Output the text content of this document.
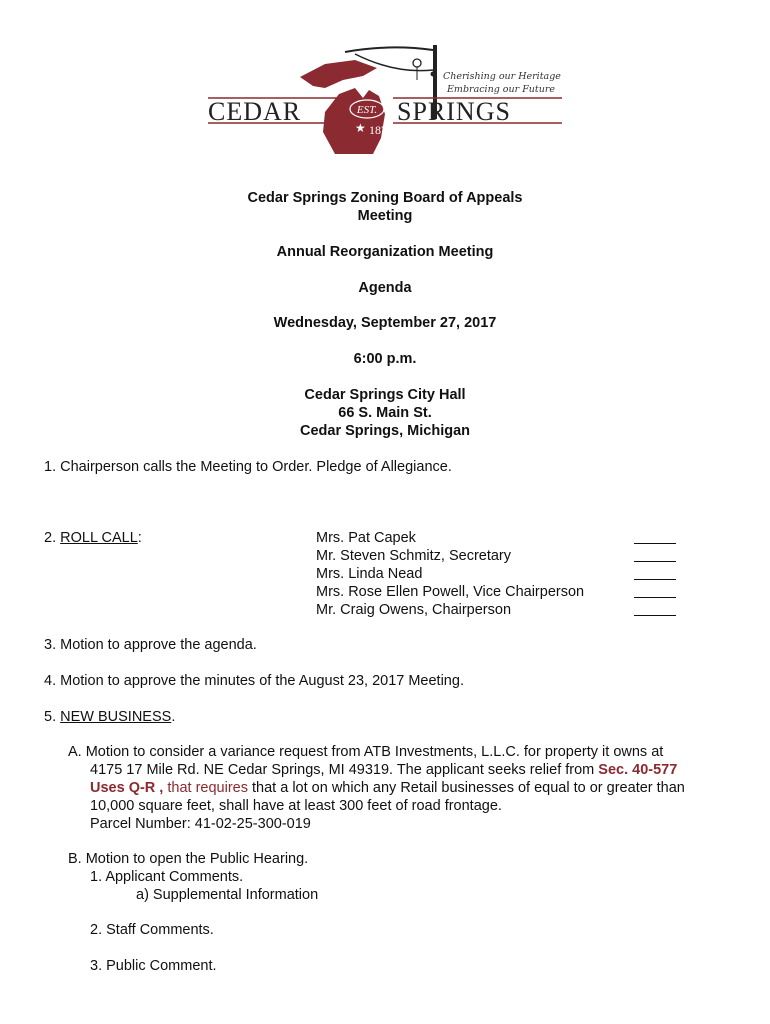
CEDAR	SPRINGS
EST.
★ 1871
Cherishing our Heritage
Embracing our Future
Cedar Springs Zoning Board of Appeals
Meeting
Annual Reorganization Meeting
Agenda
Wednesday, September 27, 2017
6:00 p.m.
Cedar Springs City Hall
66 S. Main St.
Cedar Springs, Michigan
1. Chairperson calls the Meeting to Order. Pledge of Allegiance.
2. ROLL CALL:	Mrs. Pat Capek
Mr. Steven Schmitz, Secretary
Mrs. Linda Nead
Mrs. Rose Ellen Powell, Vice Chairperson
Mr. Craig Owens, Chairperson
3. Motion to approve the agenda.
4. Motion to approve the minutes of the August 23, 2017 Meeting.
5. NEW BUSINESS.
A. Motion to consider a variance request from ATB Investments, L.L.C. for property it owns at
4175 17 Mile Rd. NE Cedar Springs, MI 49319. The applicant seeks relief from Sec. 40-577
Uses Q-R , that requires that a lot on which any Retail businesses of equal to or greater than
10,000 square feet, shall have at least 300 feet of road frontage.
Parcel Number: 41-02-25-300-019
B. Motion to open the Public Hearing.
1. Applicant Comments.
a) Supplemental Information
2. Staff Comments.
3. Public Comment.
